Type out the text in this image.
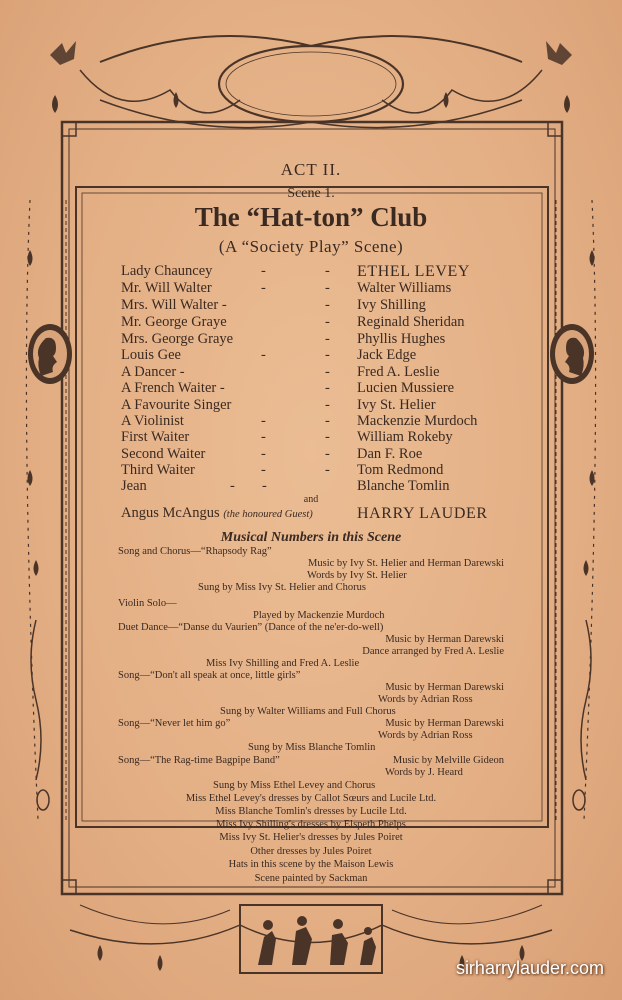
ACT II.
Scene 1.
The “Hat-ton” Club
(A “Society Play” Scene)
Lady Chauncey	-	- ETHEL LEVEY
Mr. Will Walter	-	- Walter Williams
Mrs. Will Walter -	- Ivy Shilling
Mr. George Graye	- Reginald Sheridan
Mrs. George Graye	- Phyllis Hughes
Louis Gee	-	- Jack Edge
A Dancer -	- Fred A. Leslie
A French Waiter -	- Lucien Mussiere
A Favourite Singer	- Ivy St. Helier
A Violinist	-	- Mackenzie Murdoch
First Waiter	-	- William Rokeby
Second Waiter	-	- Dan F. Roe
Third Waiter	-	- Tom Redmond
Jean	- -	Blanche Tomlin
and
Angus McAngus (the honoured Guest)	HARRY LAUDER
Musical Numbers in this Scene
Song and Chorus—“Rhapsody Rag”
Music by Ivy St. Helier and Herman Darewski
Words by Ivy St. Helier
Sung by Miss Ivy St. Helier and Chorus
Violin Solo—
Played by Mackenzie Murdoch
Duet Dance—“Danse du Vaurien” (Dance of the ne'er-do-well)
Music by Herman Darewski
Dance arranged by Fred A. Leslie
Miss Ivy Shilling and Fred A. Leslie
Song—“Don't all speak at once, little girls”
Music by Herman Darewski
Words by Adrian Ross
Sung by Walter Williams and Full Chorus
Song—“Never let him go”	Music by Herman Darewski
Words by Adrian Ross
Sung by Miss Blanche Tomlin
Song—“The Rag-time Bagpipe Band”	Music by Melville Gideon
Words by J. Heard
Sung by Miss Ethel Levey and Chorus
Miss Ethel Levey's dresses by Callot Sœurs and Lucile Ltd.
Miss Blanche Tomlin's dresses by Lucile Ltd.
Miss Ivy Shilling's dresses by Elspeth Phelps
Miss Ivy St. Helier's dresses by Jules Poiret
Other dresses by Jules Poiret
Hats in this scene by the Maison Lewis
Scene painted by Sackman
sirharrylauder.com
